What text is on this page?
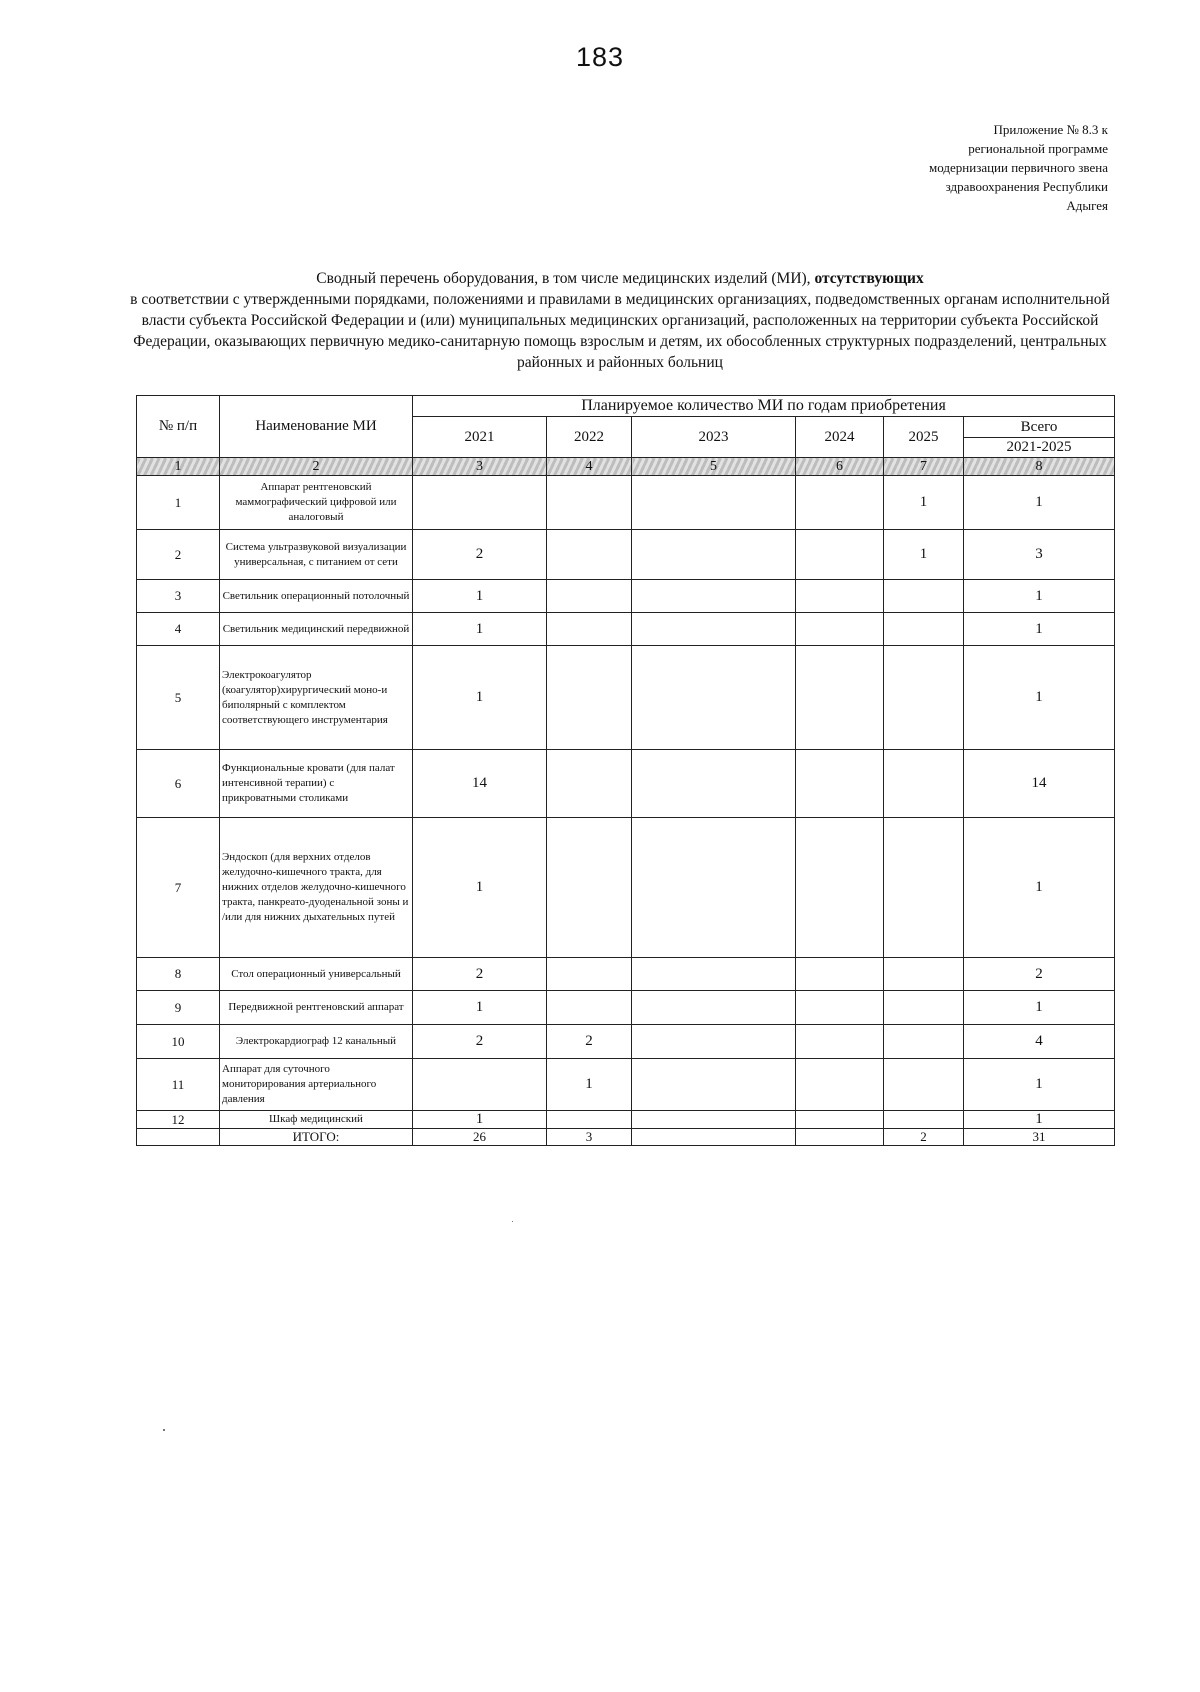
183
Приложение № 8.3 к
региональной программе
модернизации первичного звена
здравоохранения Республики
Адыгея
Сводный перечень оборудования, в том числе медицинских изделий (МИ), отсутствующих
в соответствии с утвержденными порядками, положениями и правилами в медицинских организациях, подведомственных органам исполнительной власти субъекта Российской Федерации и (или) муниципальных медицинских организаций, расположенных на территории субъекта Российской Федерации, оказывающих первичную медико-санитарную помощь взрослым и детям, их обособленных структурных подразделений, центральных районных и районных больниц
№ п/п	Наименование МИ	Планируемое количество МИ по годам приобретения					
		2021	2022	2023	2024	2025	Всего
							2021-2025
1	2	3	4	5	6	7	8
1	Аппарат рентгеновский маммографический цифровой или аналоговый					1	1
2	Система ультразвуковой визуализации универсальная, с питанием от сети	2				1	3
3	Светильник операционный потолочный	1					1
4	Светильник медицинский передвижной	1					1
5	Электрокоагулятор (коагулятор)хирургический моно-и биполярный с комплектом соответствующего инструментария	1					1
6	Функциональные кровати (для палат интенсивной терапии) с прикроватными столиками	14					14
7	Эндоскоп (для верхних отделов желудочно-кишечного тракта, для нижних отделов желудочно-кишечного тракта, панкреато-дуоденальной зоны и /или для нижних дыхательных путей	1					1
8	Стол операционный универсальный	2					2
9	Передвижной рентгеновский аппарат	1					1
10	Электрокардиограф 12 канальный	2	2				4
11	Аппарат для суточного мониторирования артериального давления		1				1
12	Шкаф медицинский	1					1
	ИТОГО:	26	3			2	31
